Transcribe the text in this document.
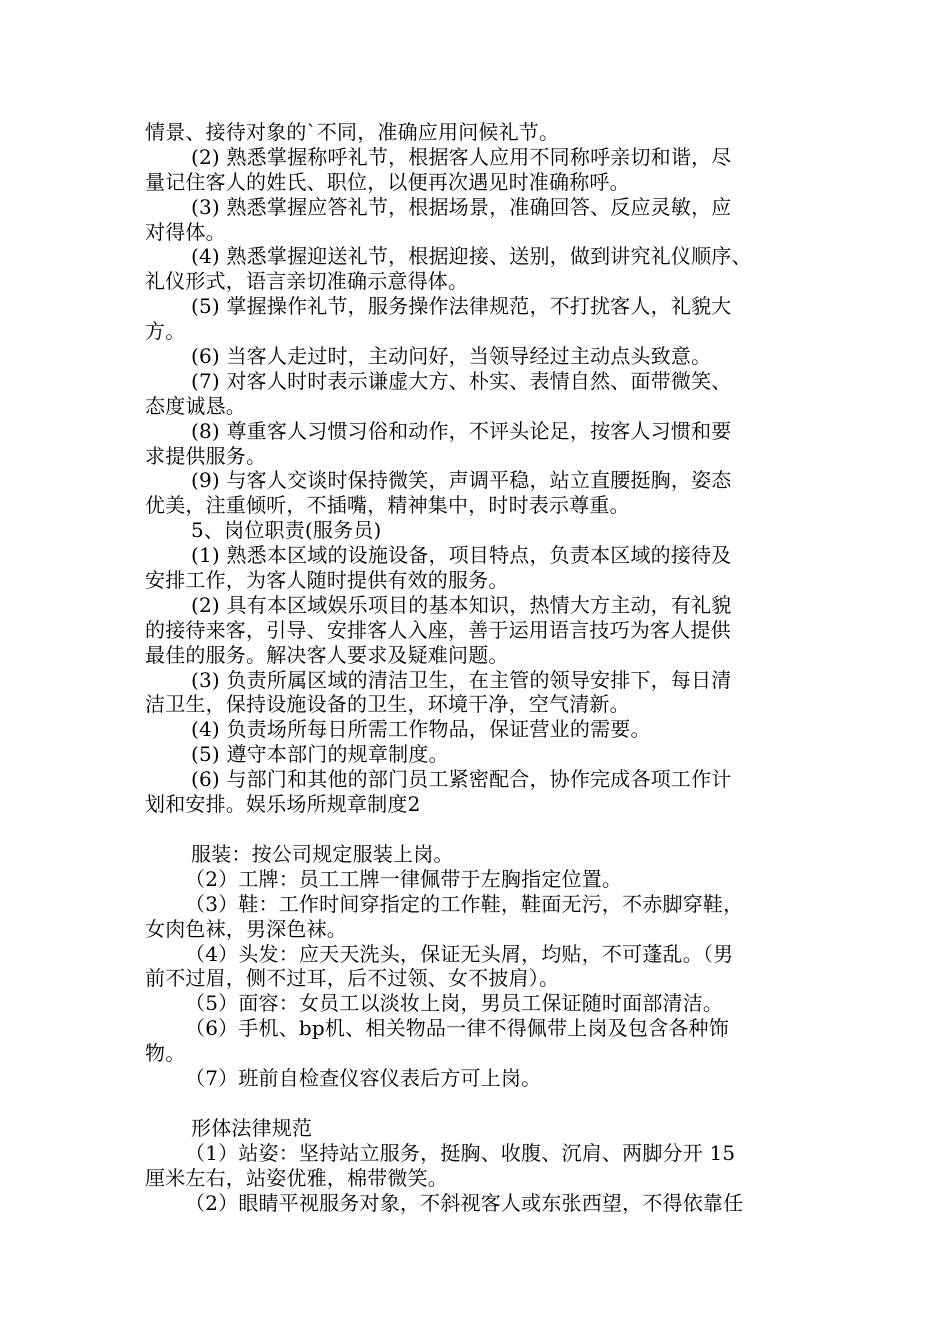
情景、接待对象的`不同，准确应用问候礼节。
(2) 熟悉掌握称呼礼节，根据客人应用不同称呼亲切和谐，尽
量记住客人的姓氏、职位，以便再次遇见时准确称呼。
(3) 熟悉掌握应答礼节，根据场景，准确回答、反应灵敏，应
对得体。
(4) 熟悉掌握迎送礼节，根据迎接、送别，做到讲究礼仪顺序、
礼仪形式，语言亲切准确示意得体。
(5) 掌握操作礼节，服务操作法律规范，不打扰客人，礼貌大
方。
(6) 当客人走过时，主动问好，当领导经过主动点头致意。
(7) 对客人时时表示谦虚大方、朴实、表情自然、面带微笑、
态度诚恳。
(8) 尊重客人习惯习俗和动作，不评头论足，按客人习惯和要
求提供服务。
(9) 与客人交谈时保持微笑，声调平稳，站立直腰挺胸，姿态
优美，注重倾听，不插嘴，精神集中，时时表示尊重。
5、岗位职责(服务员)
(1) 熟悉本区域的设施设备，项目特点，负责本区域的接待及
安排工作，为客人随时提供有效的服务。
(2) 具有本区域娱乐项目的基本知识，热情大方主动，有礼貌
的接待来客，引导、安排客人入座，善于运用语言技巧为客人提供
最佳的服务。解决客人要求及疑难问题。
(3) 负责所属区域的清洁卫生，在主管的领导安排下，每日清
洁卫生，保持设施设备的卫生，环境干净，空气清新。
(4) 负责场所每日所需工作物品，保证营业的需要。
(5) 遵守本部门的规章制度。
(6) 与部门和其他的部门员工紧密配合，协作完成各项工作计
划和安排。娱乐场所规章制度2
服装：按公司规定服装上岗。
（2）工牌：员工工牌一律佩带于左胸指定位置。
（3）鞋：工作时间穿指定的工作鞋，鞋面无污，不赤脚穿鞋，
女肉色袜，男深色袜。
（4）头发：应天天洗头，保证无头屑，均贴，不可蓬乱。（男
前不过眉，侧不过耳，后不过领、女不披肩）。
（5）面容：女员工以淡妆上岗，男员工保证随时面部清洁。
（6）手机、bp机、相关物品一律不得佩带上岗及包含各种饰
物。
（7）班前自检查仪容仪表后方可上岗。
形体法律规范
（1）站姿：坚持站立服务，挺胸、收腹、沉肩、两脚分开 15
厘米左右，站姿优雅，棉带微笑。
（2）眼睛平视服务对象，不斜视客人或东张西望，不得依靠任
